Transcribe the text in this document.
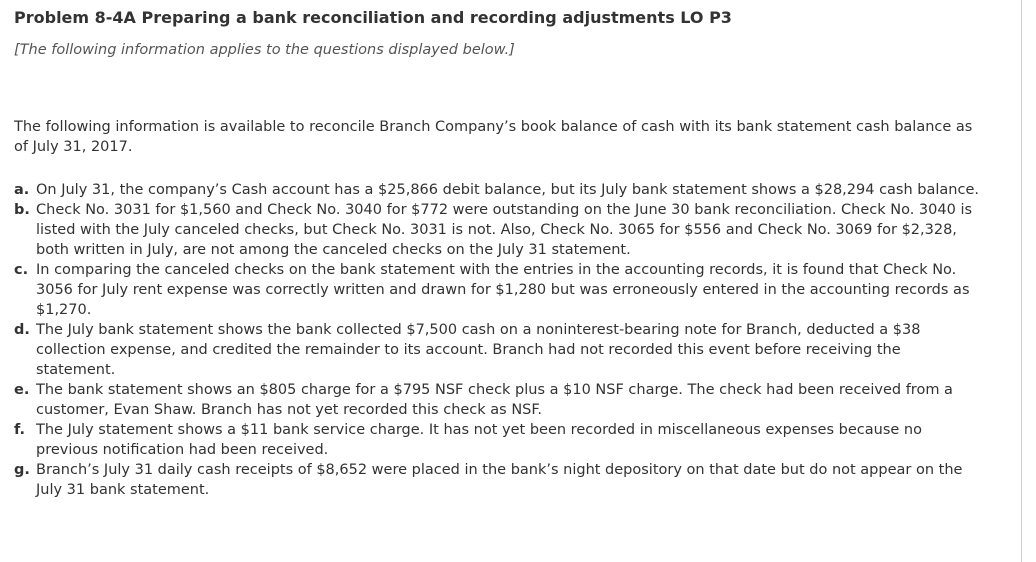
Problem 8-4A Preparing a bank reconciliation and recording adjustments LO P3
[The following information applies to the questions displayed below.]

The following information is available to reconcile Branch Company’s book balance of cash with its bank statement cash balance as of July 31, 2017.

a. On July 31, the company’s Cash account has a $25,866 debit balance, but its July bank statement shows a $28,294 cash balance.
b. Check No. 3031 for $1,560 and Check No. 3040 for $772 were outstanding on the June 30 bank reconciliation. Check No. 3040 is listed with the July canceled checks, but Check No. 3031 is not. Also, Check No. 3065 for $556 and Check No. 3069 for $2,328, both written in July, are not among the canceled checks on the July 31 statement.
c. In comparing the canceled checks on the bank statement with the entries in the accounting records, it is found that Check No. 3056 for July rent expense was correctly written and drawn for $1,280 but was erroneously entered in the accounting records as $1,270.
d. The July bank statement shows the bank collected $7,500 cash on a noninterest-bearing note for Branch, deducted a $38 collection expense, and credited the remainder to its account. Branch had not recorded this event before receiving the statement.
e. The bank statement shows an $805 charge for a $795 NSF check plus a $10 NSF charge. The check had been received from a customer, Evan Shaw. Branch has not yet recorded this check as NSF.
f. The July statement shows a $11 bank service charge. It has not yet been recorded in miscellaneous expenses because no previous notification had been received.
g. Branch’s July 31 daily cash receipts of $8,652 were placed in the bank’s night depository on that date but do not appear on the July 31 bank statement.
